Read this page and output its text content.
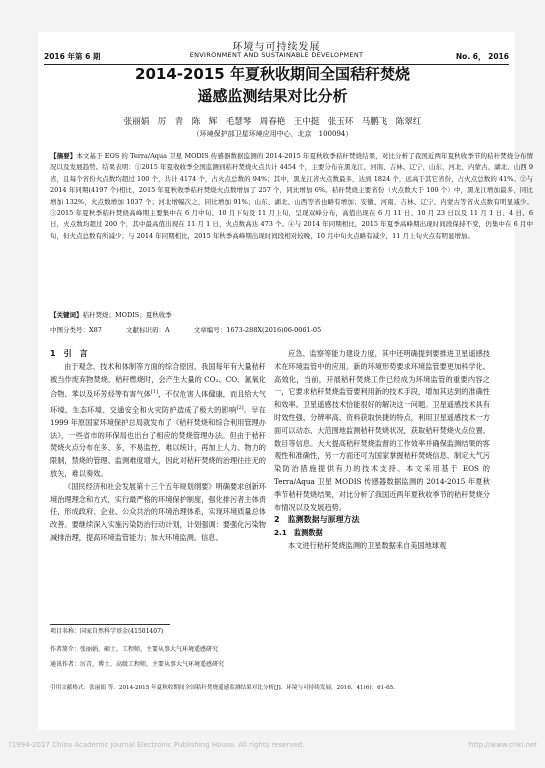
环境与可持续发展
2016 年第 6 期	ENVIRONMENT AND SUSTAINABLE DEVELOPMENT	No. 6， 2016
2014-2015 年夏秋收期间全国秸秆焚烧
遥感监测结果对比分析
张丽娟　厉　青　陈　辉　毛慧琴　周春艳　王中挺　张玉环　马鹏飞　陈翠红
（环境保护部卫星环境应用中心，北京　100094）
【摘要】本文基于 EOS 的 Terra/Aqua 卫星 MODIS 传感器数据监测的 2014-2015 年夏秋收季秸秆焚烧结果，对比分析了我国近两年夏秋收季节的秸秆焚烧分布情况以及发展趋势。结果表明：①2015 年夏收收季全国监测到秸秆焚烧火点共计 4454 个，主要分布在黑龙江、河南、吉林、辽宁、山东、河北、内蒙古、湖北、山西 9 省，且每个省份火点数均超过 100 个，共计 4174 个，占火点总数的 94%；其中，黑龙江省火点数最多，达到 1824 个，远高于其它省份，占火点总数的 41%。②与 2014 年同期(4197 个)相比，2015 年夏秋收季秸秆焚烧火点数增加了 257 个，同比增加 6%。秸秆焚烧主要省份（火点数大于 100 个）中，黑龙江增加最多，同比增加 132%，火点数增加 1037 个；河北增幅次之，同比增加 91%；山东、湖北、山西等省也略有增加；安徽、河南、吉林、辽宁、内蒙古等省火点数有明显减少。③2015 年夏秋季秸秆焚烧高峰期主要集中在 6 月中旬、10 月下旬及 11 月上旬，呈现双峰分布，高值出现在 6 月 11 日、10 月 23 日以及 11 月 1 日、4 日、6 日，火点数均超过 200 个，其中最高值出现在 11 月 1 日，火点数高达 473 个。④与 2014 年同期相比，2015 年夏季高峰期出现时间段保持不变，仍集中在 6 月中旬，但火点总数有所减少；与 2014 年同期相比，2015 年秋季高峰期出现时间段相对较晚，10 月中旬火点略有减少，11 月上旬火点有明显增加。
【关键词】秸秆焚烧；MODIS；夏秋收季
中图分类号：X87	文献标识码：A	文章编号：1673-288X(2016)06-0061-05

1　引　言

由于观念、技术和体制等方面的综合原因，我国每年有大量秸秆被当作废弃物焚烧。秸秆燃烧时，会产生大量的 CO₂、CO、氮氧化合物、苯以及环芳烃等有害气体[1]，不仅危害人体健康，而且给大气环境、生态环境、交通安全和火灾防护造成了极大的影响[2]。早在 1999 年原国家环境保护总局就发布了《秸秆焚烧和综合利用管理办法》，一些省市的环保局也出台了相应的焚烧管理办法。但由于秸秆焚烧火点分布在多、多，不易监控，难以统计，再加上人力、物力的限制，禁烧的管理、监测难度增大，因此对秸秆焚烧的治理往往无的放矢，难以奏效。

《国民经济和社会发展第十三个五年规划纲要》明确要求创新环境治理理念和方式，实行最严格的环境保护制度，强化排污者主体责任，形成政府、企业、公众共治的环境治理体系，实现环境质量总体改善。要继续深入实施污染防治行动计划，计划强调：要强化污染物减排治理，提高环境监管能力；加大环境监测、信息、

应急、监察等能力建设力度，其中还明确提到要推进卫星遥感技术在环境监管中的应用。新的环境形势要求环境监管要更加科学化、高效化，当前，开展秸秆焚烧工作已经成为环境监管的重要内容之一，它要求秸秆焚烧监管要利用新的技术手段，增加其达到的准确性和效率。卫星遥感技术恰能很好的解决这一问题。卫星遥感技术具有时效性强、分辨率高、资料获取快捷的特点，利用卫星遥感技术一方面可以动态、大范围地监测秸秆焚烧状况，获取秸秆焚烧火点位置、数目等信息。大大提高秸秆焚烧监督的工作效率并确保监测结果的客观性和准确性，另一方面还可为国家掌握秸秆焚烧信息、制定大气污染防治措施提供有力的技术支持。本文采用基于 EOS 的 Terra/Aqua 卫星 MODIS 传感器数据监测的 2014-2015 年夏秋季节秸秆焚烧结果，对比分析了我国近两年夏秋收季节的秸秆焚烧分布情况以及发展趋势。

2　监测数据与原理方法

2.1　监测数据

本文进行秸秆焚烧监测的卫星数据来自美国地球观

项目名称：国家自然科学基金(41501407)
作者简介：张丽娟，硕士，工程师，主要从事大气环境遥感研究
通讯作者：厉青，博士，高级工程师，主要从事大气环境遥感研究
引用文献格式：张丽娟 等．2014-2015 年夏秋收期间全国秸秆焚烧遥感监测结果对比分析[J]．环境与可持续发展，2016，41(6)：61-65.
?1994-2017 China Academic Journal Electronic Publishing House. All rights reserved.	http://www.cnki.net
